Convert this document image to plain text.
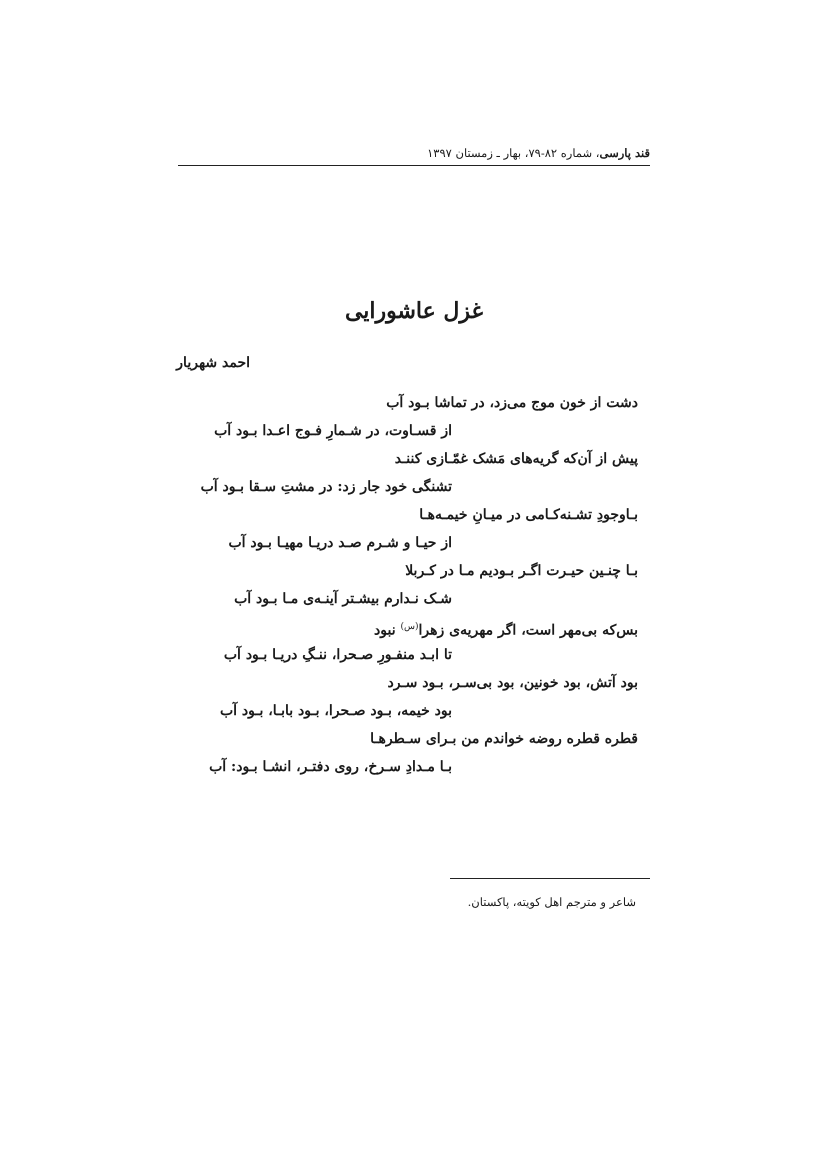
قند پارسی، شماره ۸۲-۷۹، بهار ـ زمستان ۱۳۹۷
غزل عاشورایی
احمد شهریار
دشت از خون موج می‌زد، در تماشا بـود آب
از قسـاوت، در شـمارِ فـوج اعـدا بـود آب
پیش از آن‌که گریه‌های مَشک غمّـازی کننـد
تشنگی خود جار زد: در مشتِ سـقا بـود آب
بـاوجودِ تشـنه‌کـامی در میـانِ خیمـه‌هـا
از حیـا و شـرم صـد دریـا مهیـا بـود آب
بـا چنـین حیـرت اگـر بـودیم مـا در کـربلا
شـک نـدارم بیشـتر آینـه‌ی مـا بـود آب
بس‌که بی‌مهر است، اگر مهریه‌ی زهرا$^{(س)}$ نبود
تا ابـد منفـورِ صـحرا، ننـگِ دریـا بـود آب
بود آتش، بود خونین، بود بی‌سـر، بـود سـرد
بود خیمه، بـود صـحرا، بـود بابـا، بـود آب
قطره قطره روضه خواندم من بـرای سـطرهـا
بـا مـدادِ سـرخ، روی دفتـر، انشـا بـود: آب
شاعر و مترجم اهل کویته، پاکستان.
